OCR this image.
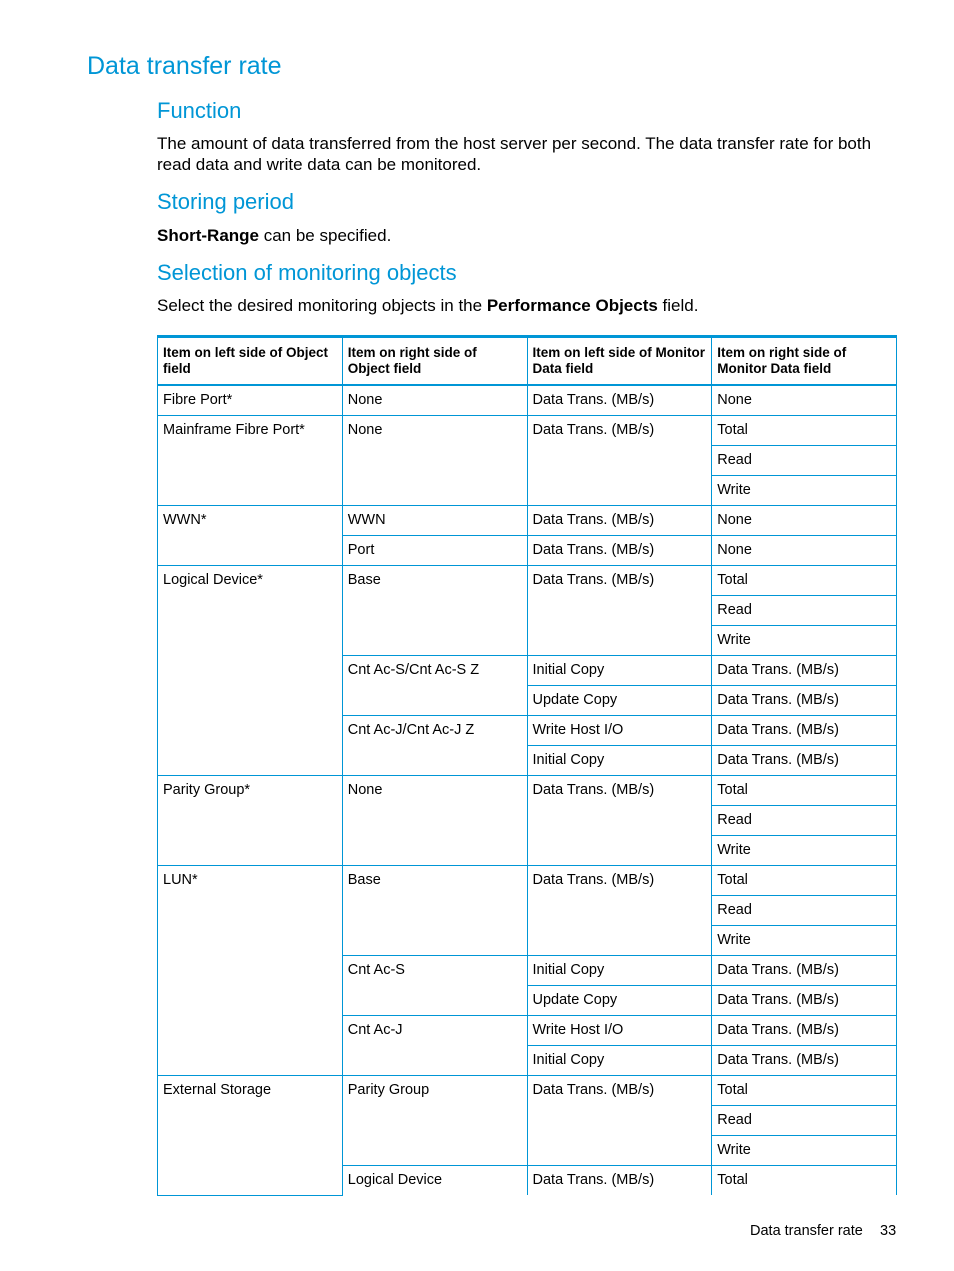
Data transfer rate
Function

The amount of data transferred from the host server per second. The data transfer rate for both read data and write data can be monitored.

Storing period

Short-Range can be specified.

Selection of monitoring objects

Select the desired monitoring objects in the Performance Objects field.

Item on left side of Object field	Item on right side of Object field	Item on left side of Monitor Data field	Item on right side of Monitor Data field
Fibre Port*	None	Data Trans. (MB/s)	None
Mainframe Fibre Port*	None	Data Trans. (MB/s)	Total
			Read
			Write
WWN*	WWN	Data Trans. (MB/s)	None
	Port	Data Trans. (MB/s)	None
Logical Device*	Base	Data Trans. (MB/s)	Total
			Read
			Write
	Cnt Ac-S/Cnt Ac-S Z	Initial Copy	Data Trans. (MB/s)
		Update Copy	Data Trans. (MB/s)
	Cnt Ac-J/Cnt Ac-J Z	Write Host I/O	Data Trans. (MB/s)
		Initial Copy	Data Trans. (MB/s)
Parity Group*	None	Data Trans. (MB/s)	Total
			Read
			Write
LUN*	Base	Data Trans. (MB/s)	Total
			Read
			Write
	Cnt Ac-S	Initial Copy	Data Trans. (MB/s)
		Update Copy	Data Trans. (MB/s)
	Cnt Ac-J	Write Host I/O	Data Trans. (MB/s)
		Initial Copy	Data Trans. (MB/s)
External Storage	Parity Group	Data Trans. (MB/s)	Total
			Read
			Write
	Logical Device	Data Trans. (MB/s)	Total
Data transfer rate 33
